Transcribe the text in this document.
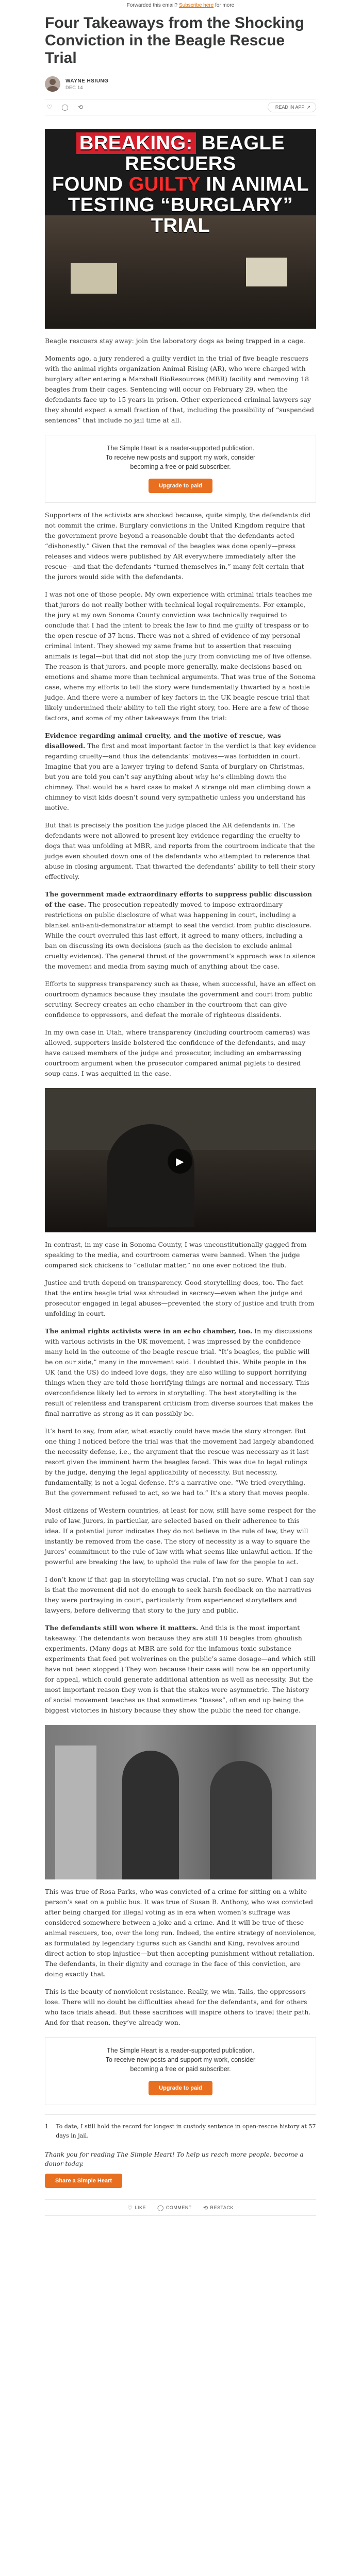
Forwarded this email? Subscribe here for more
Four Takeaways from the Shocking Conviction in the Beagle Rescue Trial
WAYNE HSIUNG
DEC 14
♡	◯	⟲	READ IN APP ↗
BREAKING: BEAGLE RESCUERS
FOUND GUILTY IN ANIMAL
TESTING “BURGLARY” TRIAL

Beagle rescuers stay away: join the laboratory dogs as being trapped in a cage.

Moments ago, a jury rendered a guilty verdict in the trial of five beagle rescuers with the animal rights organization Animal Rising (AR), who were charged with burglary after entering a Marshall BioResources (MBR) facility and removing 18 beagles from their cages. Sentencing will occur on February 29, when the defendants face up to 15 years in prison. Other experienced criminal lawyers say they should expect a small fraction of that, including the possibility of “suspended sentences” that include no jail time at all.

The Simple Heart is a reader-supported publication.
To receive new posts and support my work, consider
becoming a free or paid subscriber.
Upgrade to paid

Supporters of the activists are shocked because, quite simply, the defendants did not commit the crime. Burglary convictions in the United Kingdom require that the government prove beyond a reasonable doubt that the defendants acted “dishonestly.” Given that the removal of the beagles was done openly—press releases and videos were published by AR everywhere immediately after the rescue—and that the defendants “turned themselves in,” many felt certain that the jurors would side with the defendants.

I was not one of those people. My own experience with criminal trials teaches me that jurors do not really bother with technical legal requirements. For example, the jury at my own Sonoma County conviction was technically required to conclude that I had the intent to break the law to find me guilty of trespass or to the open rescue of 37 hens. There was not a shred of evidence of my personal criminal intent. They showed my same frame but to assertion that rescuing animals is legal—but that did not stop the jury from convicting me of five offense. The reason is that jurors, and people more generally, make decisions based on emotions and shame more than technical arguments. That was true of the Sonoma case, where my efforts to tell the story were fundamentally thwarted by a hostile judge. And there were a number of key factors in the UK beagle rescue trial that likely undermined their ability to tell the right story, too. Here are a few of those factors, and some of my other takeaways from the trial:

Evidence regarding animal cruelty, and the motive of rescue, was disallowed. The first and most important factor in the verdict is that key evidence regarding cruelty—and thus the defendants’ motives—was forbidden in court. Imagine that you are a lawyer trying to defend Santa of burglary on Christmas, but you are told you can’t say anything about why he’s climbing down the chimney. That would be a hard case to make! A strange old man climbing down a chimney to visit kids doesn’t sound very sympathetic unless you understand his motive.

But that is precisely the position the judge placed the AR defendants in. The defendants were not allowed to present key evidence regarding the cruelty to dogs that was unfolding at MBR, and reports from the courtroom indicate that the judge even shouted down one of the defendants who attempted to reference that abuse in closing argument. That thwarted the defendants’ ability to tell their story effectively.

The government made extraordinary efforts to suppress public discussion of the case. The prosecution repeatedly moved to impose extraordinary restrictions on public disclosure of what was happening in court, including a blanket anti-anti-demonstrator attempt to seal the verdict from public disclosure. While the court overruled this last effort, it agreed to many others, including a ban on discussing its own decisions (such as the decision to exclude animal cruelty evidence). The general thrust of the government’s approach was to silence the movement and media from saying much of anything about the case.

Efforts to suppress transparency such as these, when successful, have an effect on courtroom dynamics because they insulate the government and court from public scrutiny. Secrecy creates an echo chamber in the courtroom that can give confidence to oppressors, and defeat the morale of righteous dissidents.

In my own case in Utah, where transparency (including courtroom cameras) was allowed, supporters inside bolstered the confidence of the defendants, and may have caused members of the judge and prosecutor, including an embarrassing courtroom argument when the prosecutor compared animal piglets to desired soup cans. I was acquitted in the case.

▶

In contrast, in my case in Sonoma County, I was unconstitutionally gagged from speaking to the media, and courtroom cameras were banned. When the judge compared sick chickens to “cellular matter,” no one ever noticed the flub.

Justice and truth depend on transparency. Good storytelling does, too. The fact that the entire beagle trial was shrouded in secrecy—even when the judge and prosecutor engaged in legal abuses—prevented the story of justice and truth from unfolding in court.

The animal rights activists were in an echo chamber, too. In my discussions with various activists in the UK movement, I was impressed by the confidence many held in the outcome of the beagle rescue trial. “It’s beagles, the public will be on our side,” many in the movement said. I doubted this. While people in the UK (and the US) do indeed love dogs, they are also willing to support horrifying things when they are told those horrifying things are normal and necessary. This overconfidence likely led to errors in storytelling. The best storytelling is the result of relentless and transparent criticism from diverse sources that makes the final narrative as strong as it can possibly be.

It’s hard to say, from afar, what exactly could have made the story stronger. But one thing I noticed before the trial was that the movement had largely abandoned the necessity defense, i.e., the argument that the rescue was necessary as it last resort given the imminent harm the beagles faced. This was due to legal rulings by the judge, denying the legal applicability of necessity. But necessity, fundamentally, is not a legal defense. It’s a narrative one. “We tried everything. But the government refused to act, so we had to.” It’s a story that moves people.

Most citizens of Western countries, at least for now, still have some respect for the rule of law. Jurors, in particular, are selected based on their adherence to this idea. If a potential juror indicates they do not believe in the rule of law, they will instantly be removed from the case. The story of necessity is a way to square the jurors’ commitment to the rule of law with what seems like unlawful action. If the powerful are breaking the law, to uphold the rule of law for the people to act.

I don’t know if that gap in storytelling was crucial. I’m not so sure. What I can say is that the movement did not do enough to seek harsh feedback on the narratives they were portraying in court, particularly from experienced storytellers and lawyers, before delivering that story to the jury and public.

The defendants still won where it matters. And this is the most important takeaway. The defendants won because they are still 18 beagles from ghoulish experiments. (Many dogs at MBR are sold for the infamous toxic substance experiments that feed pet wolverines on the public’s same dosage—and which still have not been stopped.) They won because their case will now be an opportunity for appeal, which could generate additional attention as well as necessity. But the most important reason they won is that the stakes were asymmetric. The history of social movement teaches us that sometimes “losses”, often end up being the biggest victories in history because they show the public the need for change.

This was true of Rosa Parks, who was convicted of a crime for sitting on a white person’s seat on a public bus. It was true of Susan B. Anthony, who was convicted after being charged for illegal voting as in era when women’s suffrage was considered somewhere between a joke and a crime. And it will be true of these animal rescuers, too, over the long run. Indeed, the entire strategy of nonviolence, as formulated by legendary figures such as Gandhi and King, revolves around direct action to stop injustice—but then accepting punishment without retaliation. The defendants, in their dignity and courage in the face of this conviction, are doing exactly that.

This is the beauty of nonviolent resistance. Really, we win. Tails, the oppressors lose. There will no doubt be difficulties ahead for the defendants, and for others who face trials ahead. But these sacrifices will inspire others to travel their path. And for that reason, they’ve already won.

The Simple Heart is a reader-supported publication.
To receive new posts and support my work, consider
becoming a free or paid subscriber.
Upgrade to paid
1	To date, I still hold the record for longest in custody sentence in open-rescue history at 57 days in jail.

Thank you for reading The Simple Heart! To help us reach more people, become a donor today.

Share a Simple Heart
♡ LIKE ◯ COMMENT ⟲ RESTACK
